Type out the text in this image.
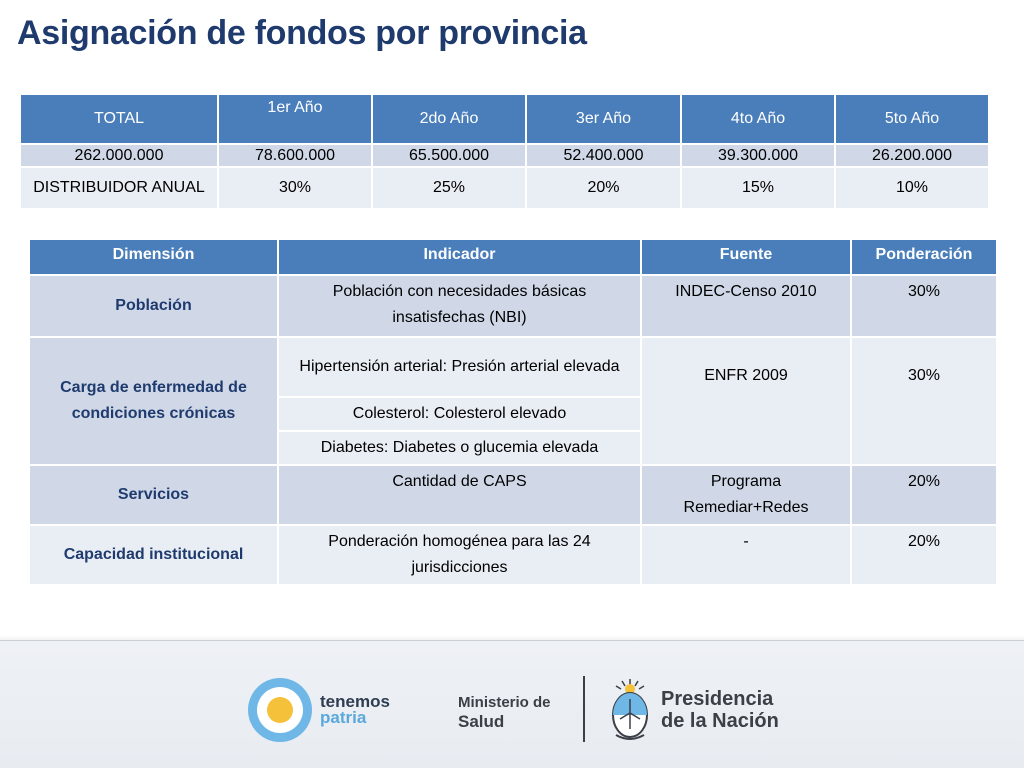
Asignación de fondos por provincia
TOTAL	1er Año	2do Año	3er Año	4to Año	5to Año
262.000.000	78.600.000	65.500.000	52.400.000	39.300.000	26.200.000
DISTRIBUIDOR ANUAL	30%	25%	20%	15%	10%
Dimensión	Indicador	Fuente	Ponderación
Población	Población con necesidades básicas insatisfechas (NBI)	INDEC-Censo 2010	30%
Carga de enfermedad de condiciones crónicas	Hipertensión arterial: Presión arterial elevada	ENFR 2009	30%
	Colesterol: Colesterol elevado		
	Diabetes: Diabetes o glucemia elevada		
Servicios	Cantidad de CAPS	Programa Remediar+Redes	20%
Capacidad institucional	Ponderación homogénea para las 24 jurisdicciones	-	20%
tenemos
patria
Ministerio de
Salud
Presidencia
de la Nación
